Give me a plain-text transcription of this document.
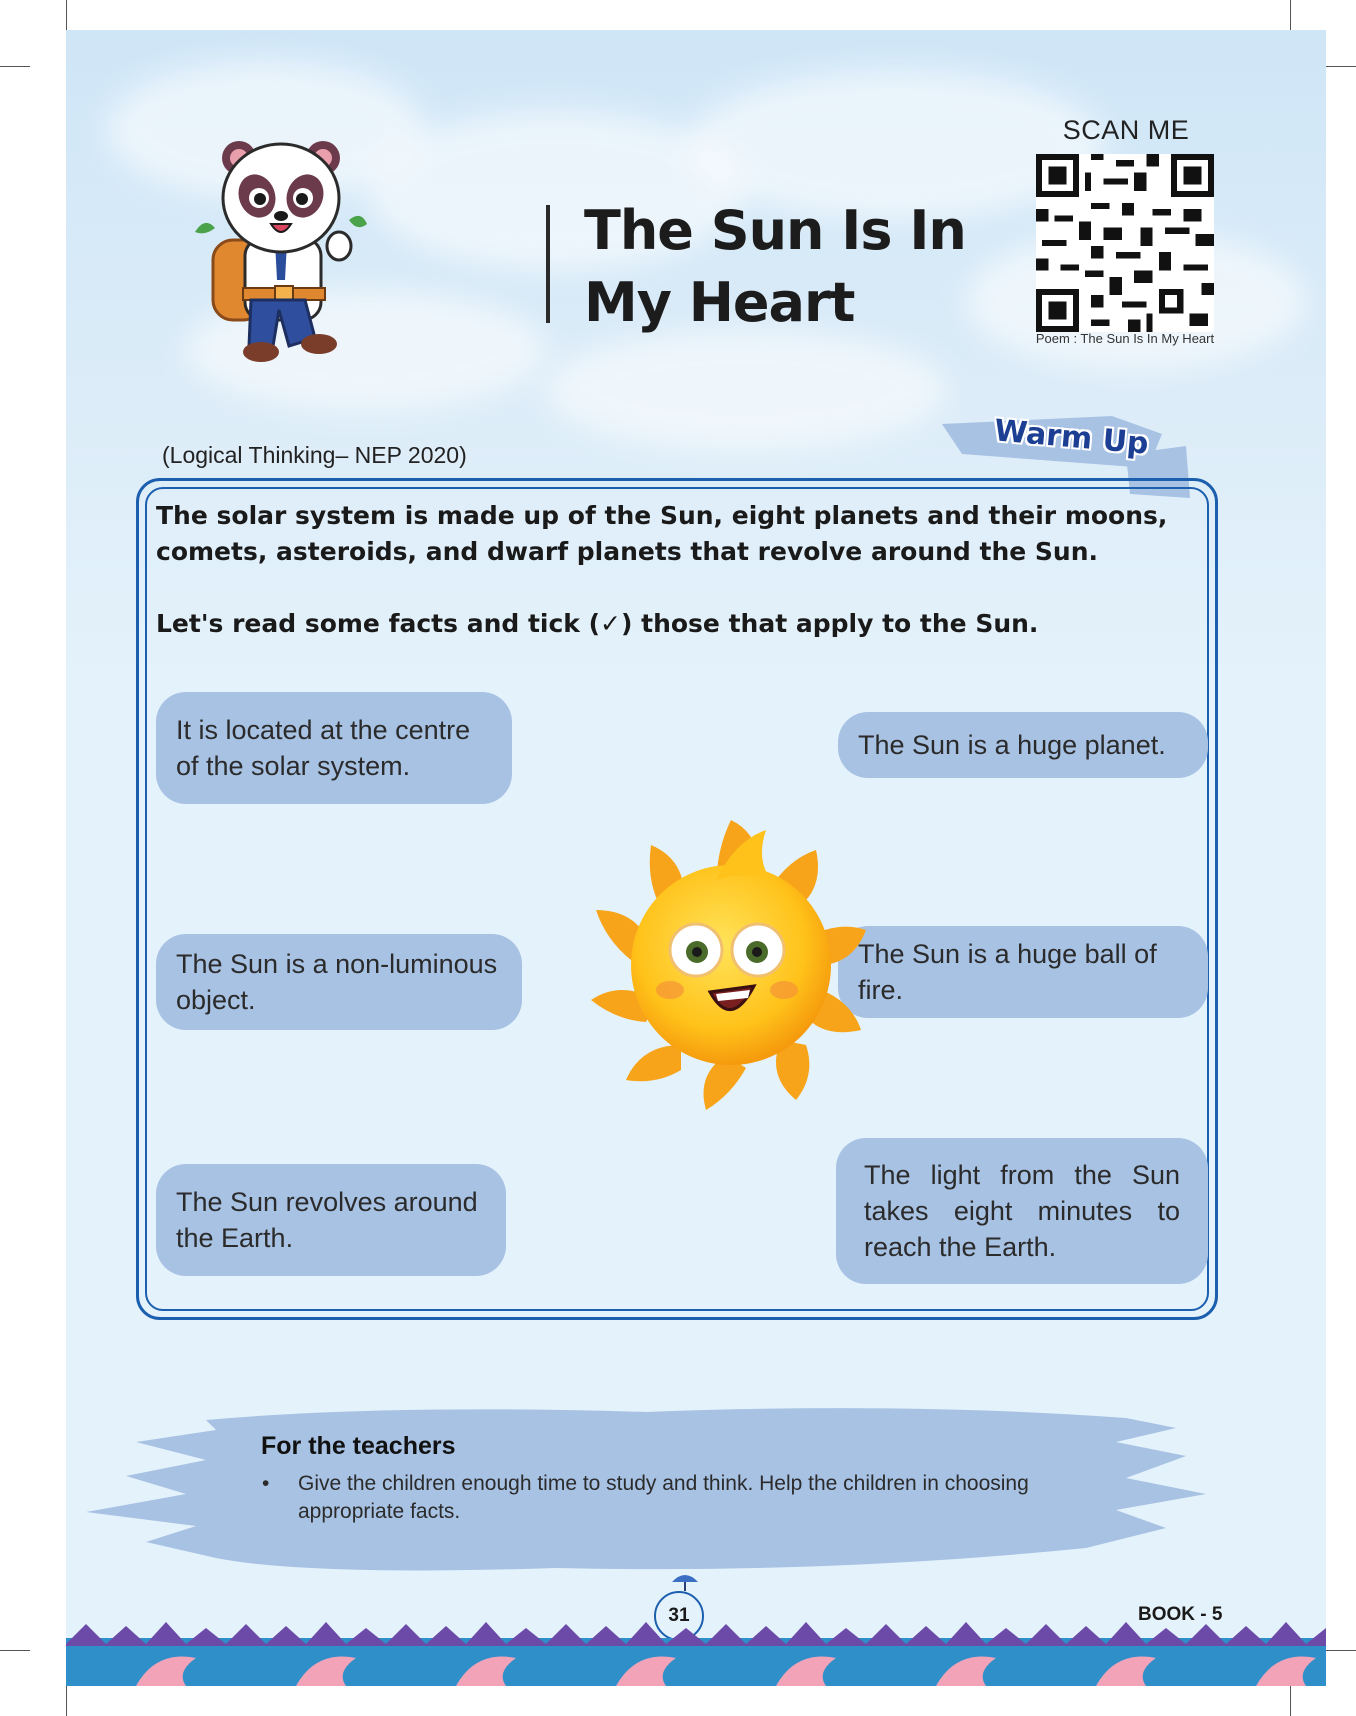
The Sun Is In
My Heart
SCAN ME
Poem : The Sun Is In My Heart
(Logical Thinking– NEP 2020)	Warm Up
The solar system is made up of the Sun, eight planets and their moons, comets, asteroids, and dwarf planets that revolve around the Sun.
Let's read some facts and tick (✓) those that apply to the Sun.
It is located at the centre of the solar system.
The Sun is a huge planet.
The Sun is a non-luminous object.
The Sun is a huge ball of fire.
The Sun revolves around the Earth.
The light from the Sun takes eight minutes to reach the Earth.
For the teachers
• Give the children enough time to study and think. Help the children in choosing appropriate facts.
31	BOOK - 5
